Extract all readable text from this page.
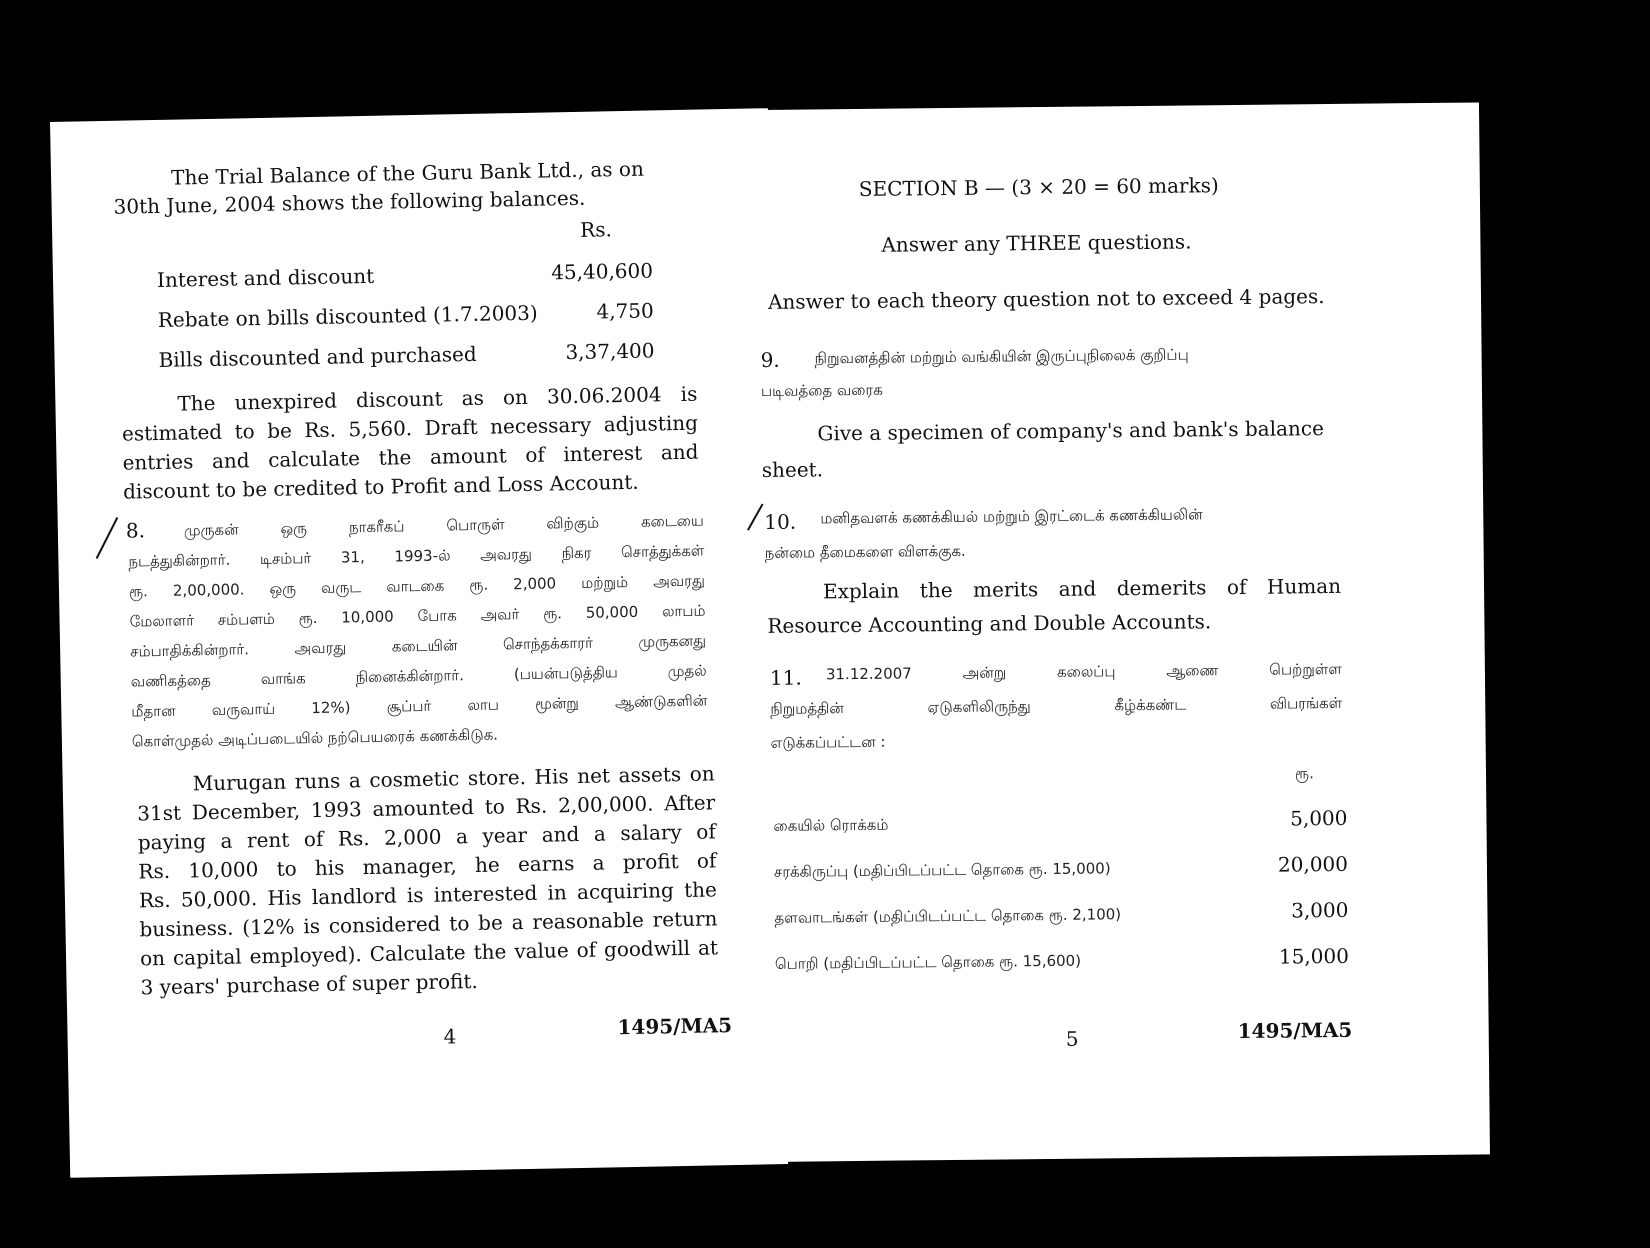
The Trial Balance of the Guru Bank Ltd., as on
30th June, 2004 shows the following balances.
Rs.
Interest and discount	45,40,600
Rebate on bills discounted (1.7.2003)	4,750
Bills discounted and purchased	3,37,400
The unexpired discount as on 30.06.2004 is
estimated to be Rs. 5,560. Draft necessary adjusting
entries and calculate the amount of interest and
discount to be credited to Profit and Loss Account.
8.	முருகன் ஒரு நாகரீகப் பொருள் விற்கும் கடையை
நடத்துகின்றார். டிசம்பர் 31, 1993-ல் அவரது நிகர சொத்துக்கள்
ரூ. 2,00,000. ஒரு வருட வாடகை ரூ. 2,000 மற்றும் அவரது
மேலாளர் சம்பளம் ரூ. 10,000 போக அவர் ரூ. 50,000 லாபம்
சம்பாதிக்கின்றார். அவரது கடையின் சொந்தக்காரர் முருகனது
வணிகத்தை வாங்க நினைக்கின்றார். (பயன்படுத்திய முதல்
மீதான வருவாய் 12%) சூப்பர் லாப மூன்று ஆண்டுகளின்
கொள்முதல் அடிப்படையில் நற்பெயரைக் கணக்கிடுக.
Murugan runs a cosmetic store. His net assets on
31st December, 1993 amounted to Rs. 2,00,000. After
paying a rent of Rs. 2,000 a year and a salary of
Rs. 10,000 to his manager, he earns a profit of
Rs. 50,000. His landlord is interested in acquiring the
business. (12% is considered to be a reasonable return
on capital employed). Calculate the value of goodwill at
3 years' purchase of super profit.
4	1495/MA5
SECTION B — (3 × 20 = 60 marks)
Answer any THREE questions.
Answer to each theory question not to exceed 4 pages.
9. நிறுவனத்தின் மற்றும் வங்கியின் இருப்புநிலைக் குறிப்பு
படிவத்தை வரைக
Give a specimen of company's and bank's balance
sheet.
10. மனிதவளக் கணக்கியல் மற்றும் இரட்டைக் கணக்கியலின்
நன்மை தீமைகளை விளக்குக.
Explain the merits and demerits of Human
Resource Accounting and Double Accounts.
11. 31.12.2007 அன்று கலைப்பு ஆணை பெற்றுள்ள
நிறுமத்தின் ஏடுகளிலிருந்து கீழ்க்கண்ட விபரங்கள்
எடுக்கப்பட்டன :
ரூ.
கையில் ரொக்கம்	5,000
சரக்கிருப்பு (மதிப்பிடப்பட்ட தொகை ரூ. 15,000)	20,000
தளவாடங்கள் (மதிப்பிடப்பட்ட தொகை ரூ. 2,100)	3,000
பொறி (மதிப்பிடப்பட்ட தொகை ரூ. 15,600)	15,000
5	1495/MA5
